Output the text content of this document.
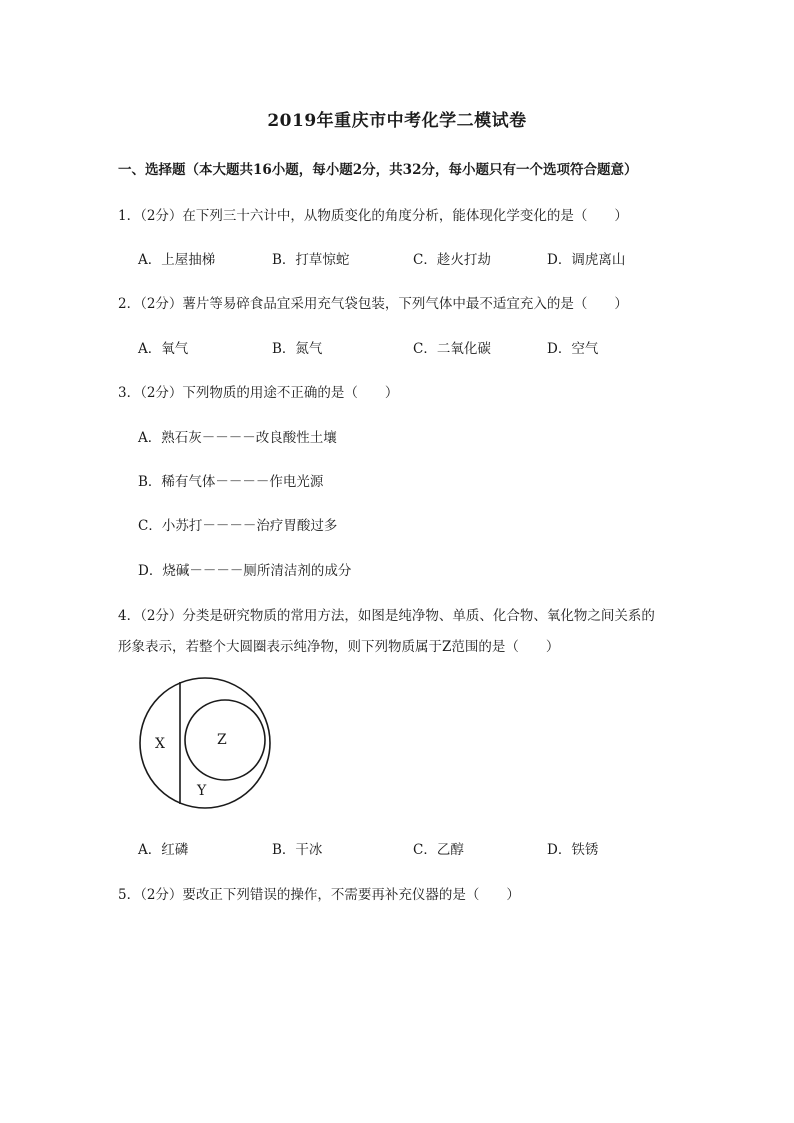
2019年重庆市中考化学二模试卷
一、选择题（本大题共16小题，每小题2分，共32分，每小题只有一个选项符合题意）
1．（2分）在下列三十六计中，从物质变化的角度分析，能体现化学变化的是（　　）
A．上屋抽梯	B．打草惊蛇	C．趁火打劫	D．调虎离山
2．（2分）薯片等易碎食品宜采用充气袋包装，下列气体中最不适宜充入的是（　　）
A．氧气	B．氮气	C．二氧化碳	D．空气
3．（2分）下列物质的用途不正确的是（　　）
A．熟石灰－－－－改良酸性土壤
B．稀有气体－－－－作电光源
C．小苏打－－－－治疗胃酸过多
D．烧碱－－－－厕所清洁剂的成分
4．（2分）分类是研究物质的常用方法，如图是纯净物、单质、化合物、氧化物之间关系的
形象表示，若整个大圆圈表示纯净物，则下列物质属于Z范围的是（　　）
X	Z
Y
A．红磷	B．干冰	C．乙醇	D．铁锈
5．（2分）要改正下列错误的操作，不需要再补充仪器的是（　　）
